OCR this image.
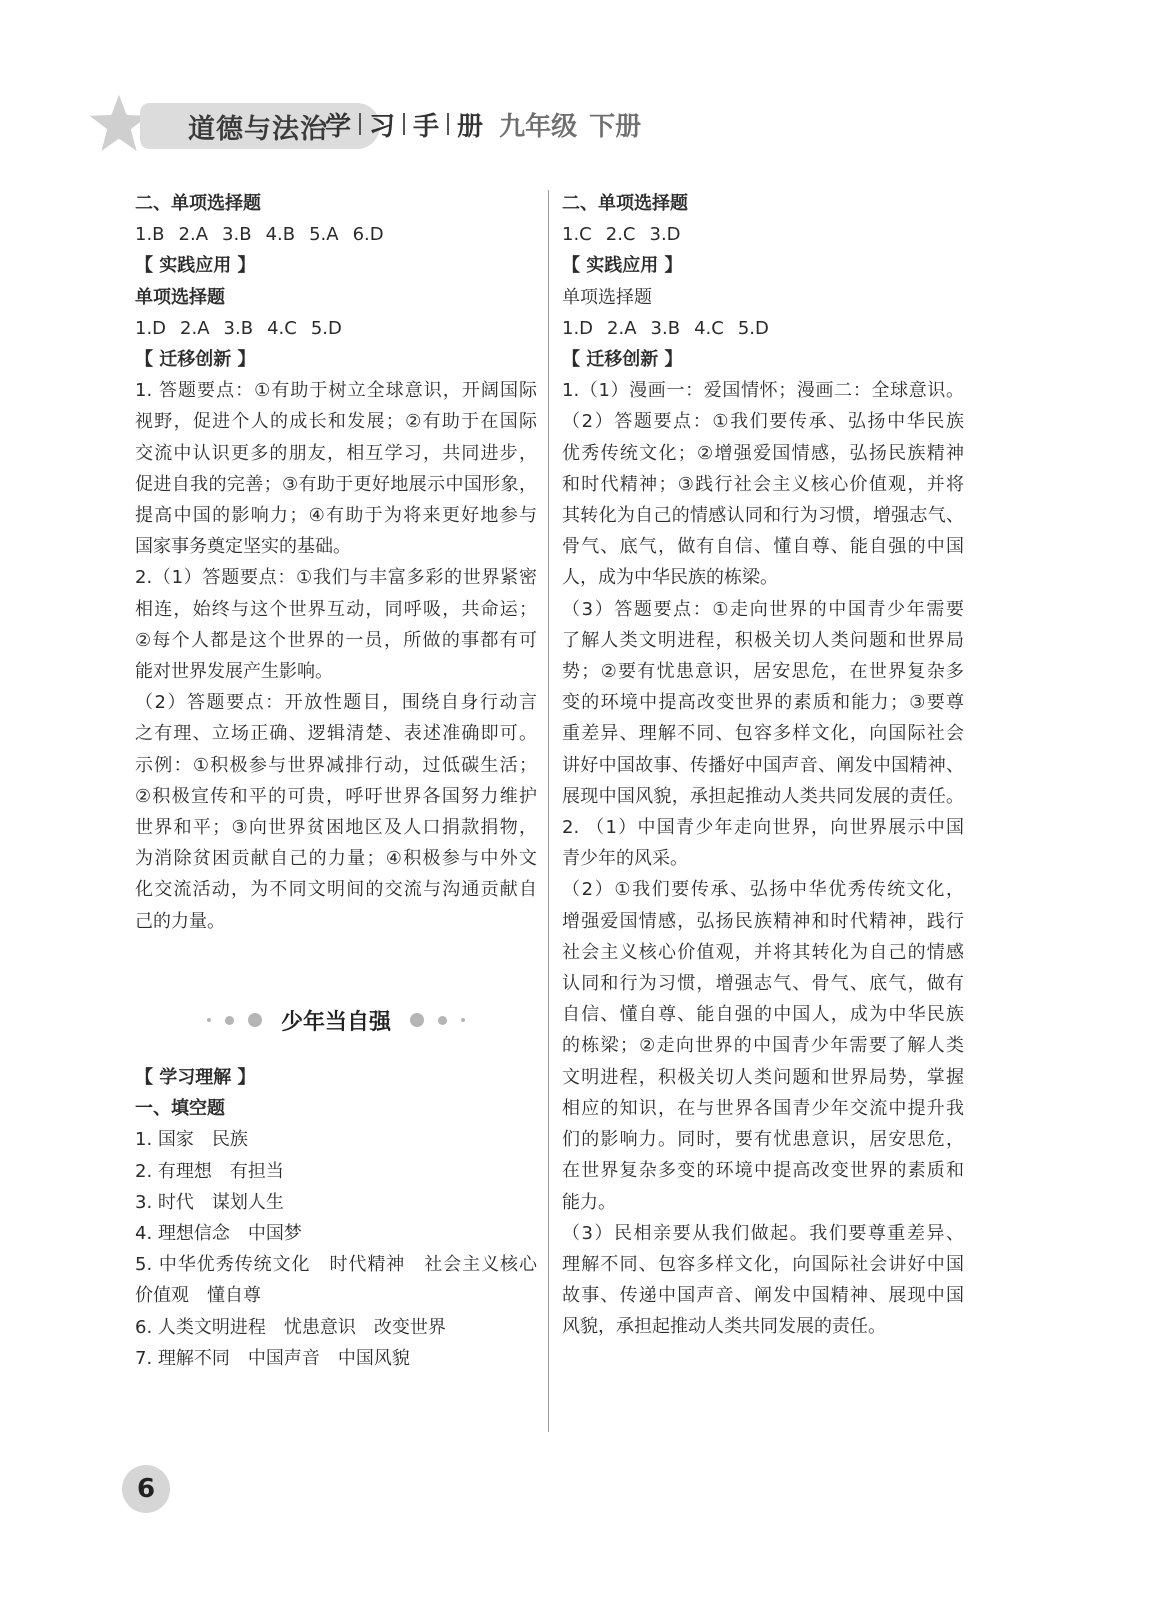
道德与法治
学 习 手 册 九年级 下册
二、单项选择题
1.B 2.A 3.B 4.B 5.A 6.D
【 实践应用 】
单项选择题
1.D 2.A 3.B 4.C 5.D
【 迁移创新 】
1. 答题要点：①有助于树立全球意识，开阔国际
视野，促进个人的成长和发展；②有助于在国际
交流中认识更多的朋友，相互学习，共同进步，
促进自我的完善；③有助于更好地展示中国形象，
提高中国的影响力；④有助于为将来更好地参与
国家事务奠定坚实的基础。
2.（1）答题要点：①我们与丰富多彩的世界紧密
相连，始终与这个世界互动，同呼吸，共命运；
②每个人都是这个世界的一员，所做的事都有可
能对世界发展产生影响。
（2）答题要点：开放性题目，围绕自身行动言
之有理、立场正确、逻辑清楚、表述准确即可。
示例：①积极参与世界减排行动，过低碳生活；
②积极宣传和平的可贵，呼吁世界各国努力维护
世界和平；③向世界贫困地区及人口捐款捐物，
为消除贫困贡献自己的力量；④积极参与中外文
化交流活动，为不同文明间的交流与沟通贡献自
己的力量。
少年当自强
【 学习理解 】
一、填空题
1. 国家　民族
2. 有理想　有担当
3. 时代　谋划人生
4. 理想信念　中国梦
5. 中华优秀传统文化　时代精神　社会主义核心
价值观　懂自尊
6. 人类文明进程　忧患意识　改变世界
7. 理解不同　中国声音　中国风貌
二、单项选择题
1.C 2.C 3.D
【 实践应用 】
单项选择题
1.D 2.A 3.B 4.C 5.D
【 迁移创新 】
1.（1）漫画一：爱国情怀；漫画二：全球意识。
（2）答题要点：①我们要传承、弘扬中华民族
优秀传统文化；②增强爱国情感，弘扬民族精神
和时代精神；③践行社会主义核心价值观，并将
其转化为自己的情感认同和行为习惯，增强志气、
骨气、底气，做有自信、懂自尊、能自强的中国
人，成为中华民族的栋梁。
（3）答题要点：①走向世界的中国青少年需要
了解人类文明进程，积极关切人类问题和世界局
势；②要有忧患意识，居安思危，在世界复杂多
变的环境中提高改变世界的素质和能力；③要尊
重差异、理解不同、包容多样文化，向国际社会
讲好中国故事、传播好中国声音、阐发中国精神、
展现中国风貌，承担起推动人类共同发展的责任。
2. （1）中国青少年走向世界，向世界展示中国
青少年的风采。
（2）①我们要传承、弘扬中华优秀传统文化，
增强爱国情感，弘扬民族精神和时代精神，践行
社会主义核心价值观，并将其转化为自己的情感
认同和行为习惯，增强志气、骨气、底气，做有
自信、懂自尊、能自强的中国人，成为中华民族
的栋梁；②走向世界的中国青少年需要了解人类
文明进程，积极关切人类问题和世界局势，掌握
相应的知识，在与世界各国青少年交流中提升我
们的影响力。同时，要有忧患意识，居安思危，
在世界复杂多变的环境中提高改变世界的素质和
能力。
（3）民相亲要从我们做起。我们要尊重差异、
理解不同、包容多样文化，向国际社会讲好中国
故事、传递中国声音、阐发中国精神、展现中国
风貌，承担起推动人类共同发展的责任。
6
